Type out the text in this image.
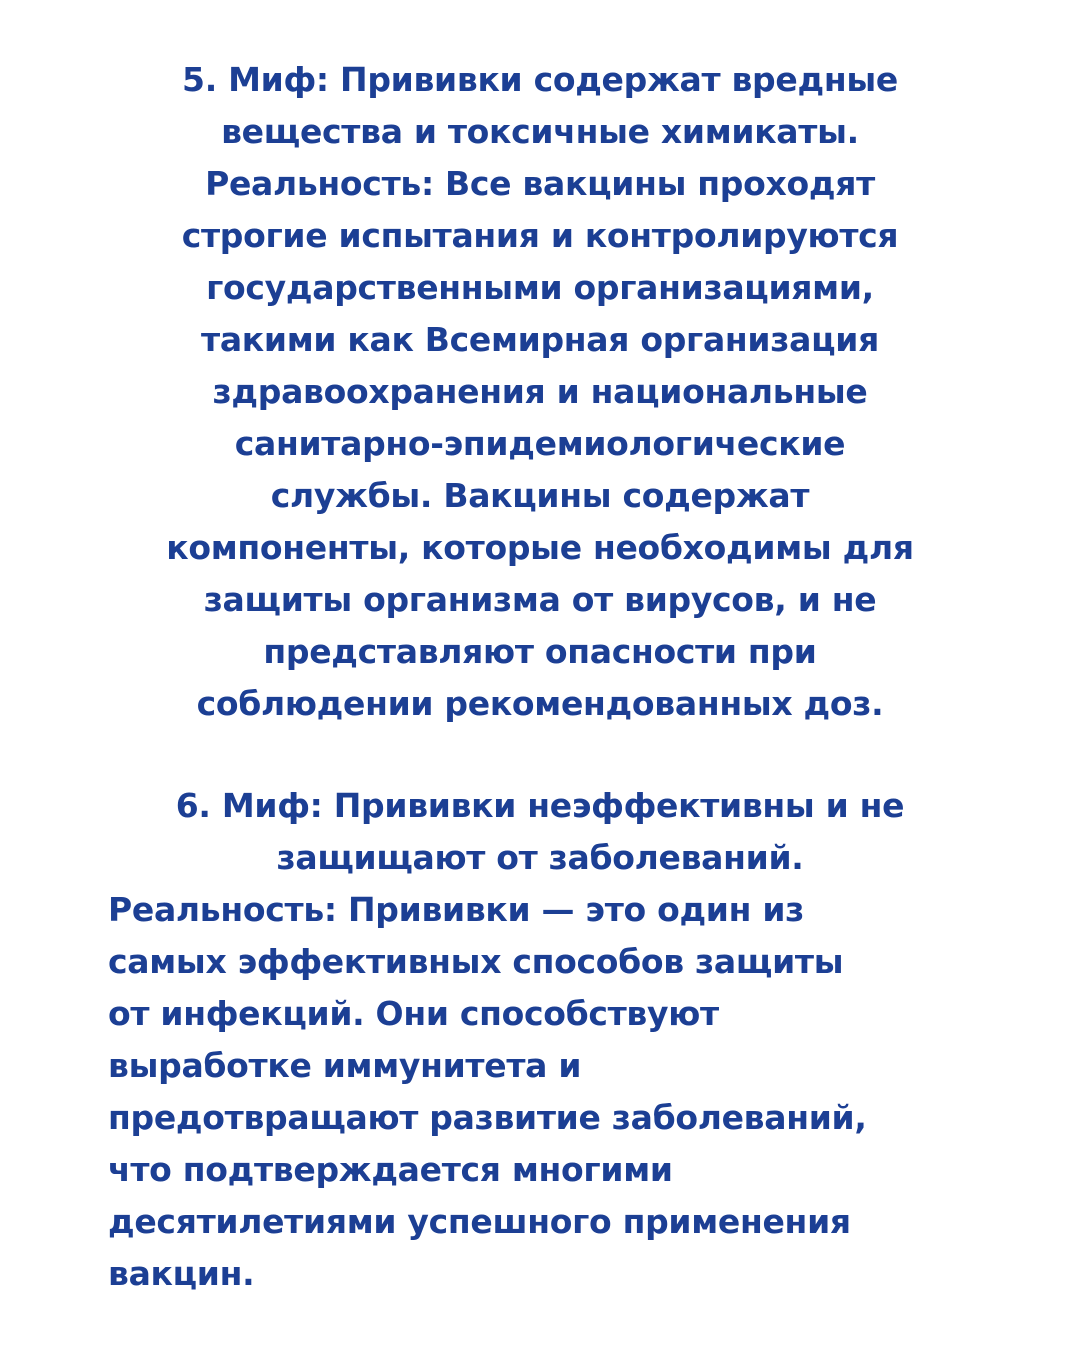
5. Миф: Прививки содержат вредные
вещества и токсичные химикаты.
Реальность: Все вакцины проходят
строгие испытания и контролируются
государственными организациями,
такими как Всемирная организация
здравоохранения и национальные
санитарно-эпидемиологические
службы. Вакцины содержат
компоненты, которые необходимы для
защиты организма от вирусов, и не
представляют опасности при
соблюдении рекомендованных доз.
6. Миф: Прививки неэффективны и не
защищают от заболеваний.
Реальность: Прививки — это один из
самых эффективных способов защиты
от инфекций. Они способствуют
выработке иммунитета и
предотвращают развитие заболеваний,
что подтверждается многими
десятилетиями успешного применения
вакцин.
